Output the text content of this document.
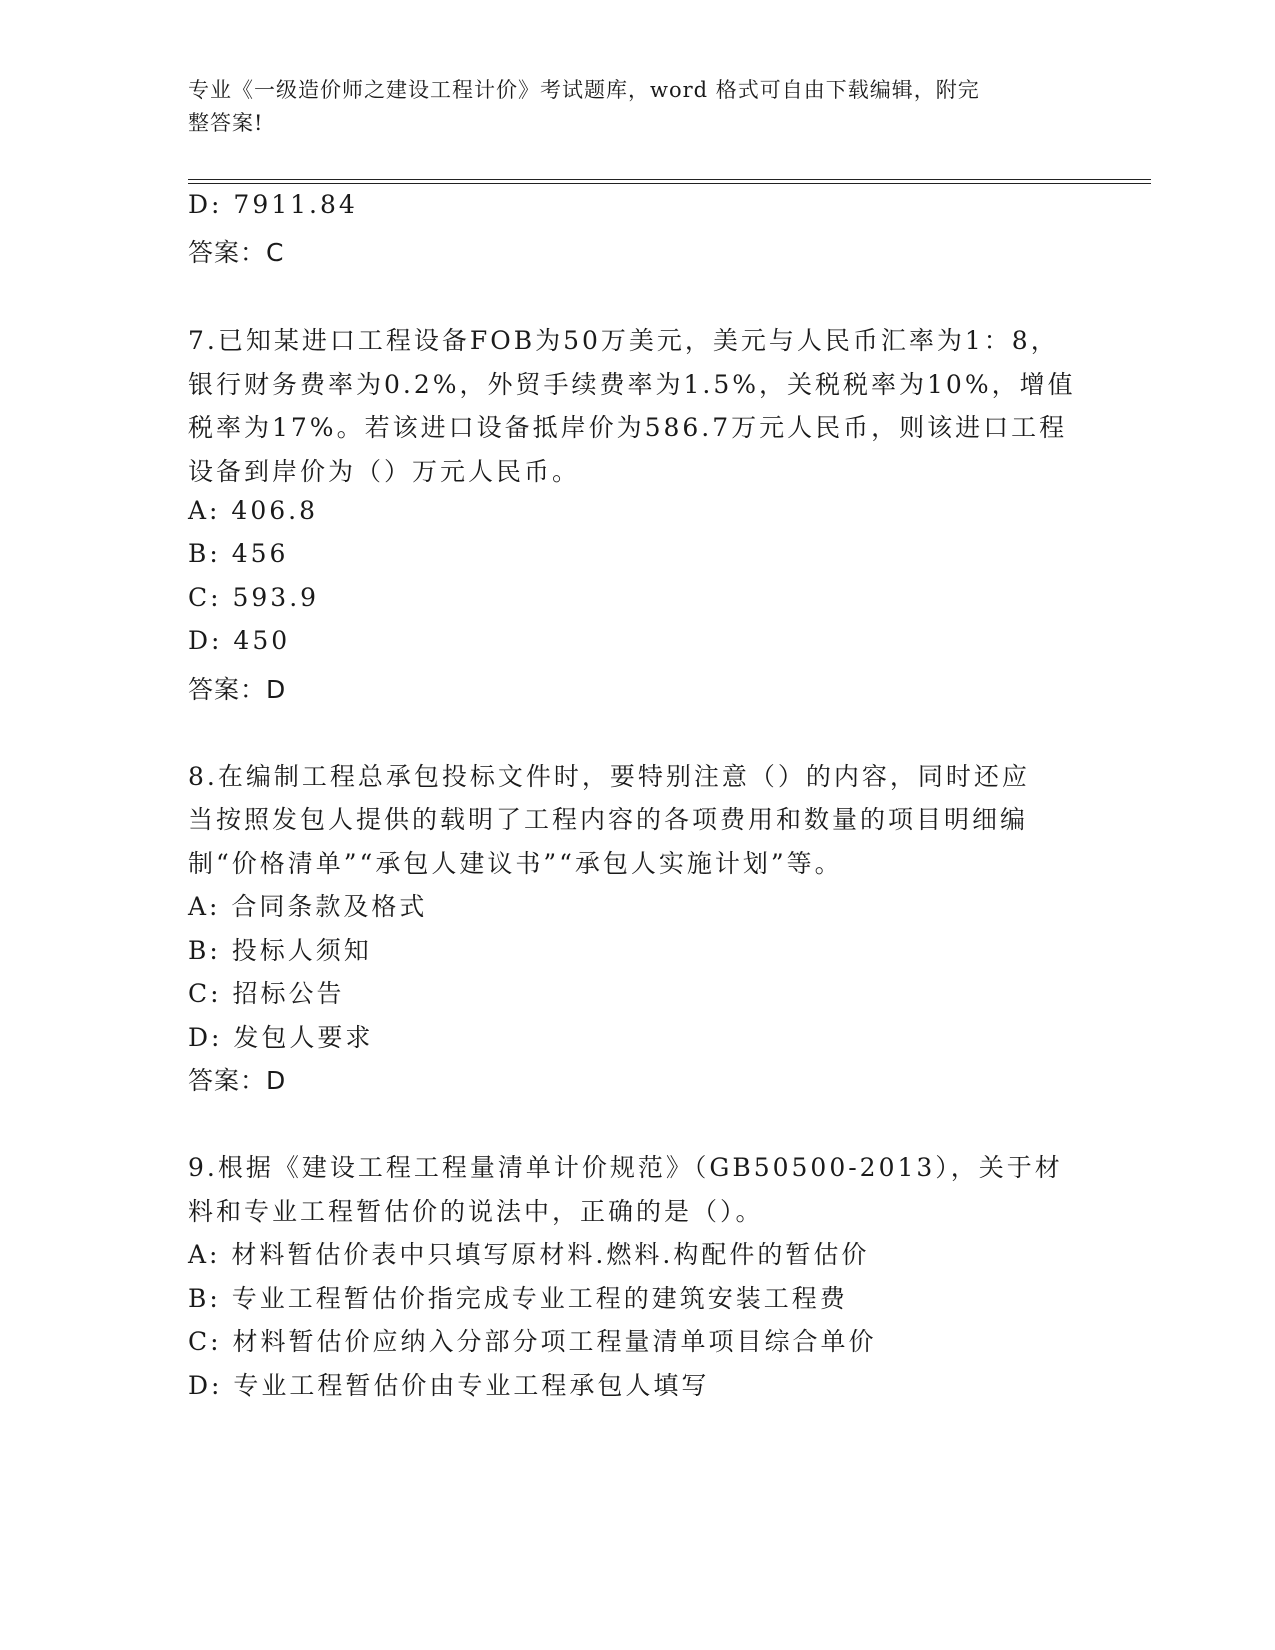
专业《一级造价师之建设工程计价》考试题库，word 格式可自由下载编辑，附完
整答案!
D: 7911.84
答案：C
7.已知某进口工程设备FOB为50万美元，美元与人民币汇率为1：8，
银行财务费率为0.2%，外贸手续费率为1.5%，关税税率为10%，增值
税率为17%。若该进口设备抵岸价为586.7万元人民币，则该进口工程
设备到岸价为（）万元人民币。
A: 406.8
B: 456
C: 593.9
D: 450
答案：D
8.在编制工程总承包投标文件时，要特别注意（）的内容，同时还应
当按照发包人提供的载明了工程内容的各项费用和数量的项目明细编
制“价格清单”“承包人建议书”“承包人实施计划”等。
A: 合同条款及格式
B: 投标人须知
C: 招标公告
D: 发包人要求
答案：D
9.根据《建设工程工程量清单计价规范》（GB50500-2013），关于材
料和专业工程暂估价的说法中，正确的是（）。
A: 材料暂估价表中只填写原材料.燃料.构配件的暂估价
B: 专业工程暂估价指完成专业工程的建筑安装工程费
C: 材料暂估价应纳入分部分项工程量清单项目综合单价
D: 专业工程暂估价由专业工程承包人填写
